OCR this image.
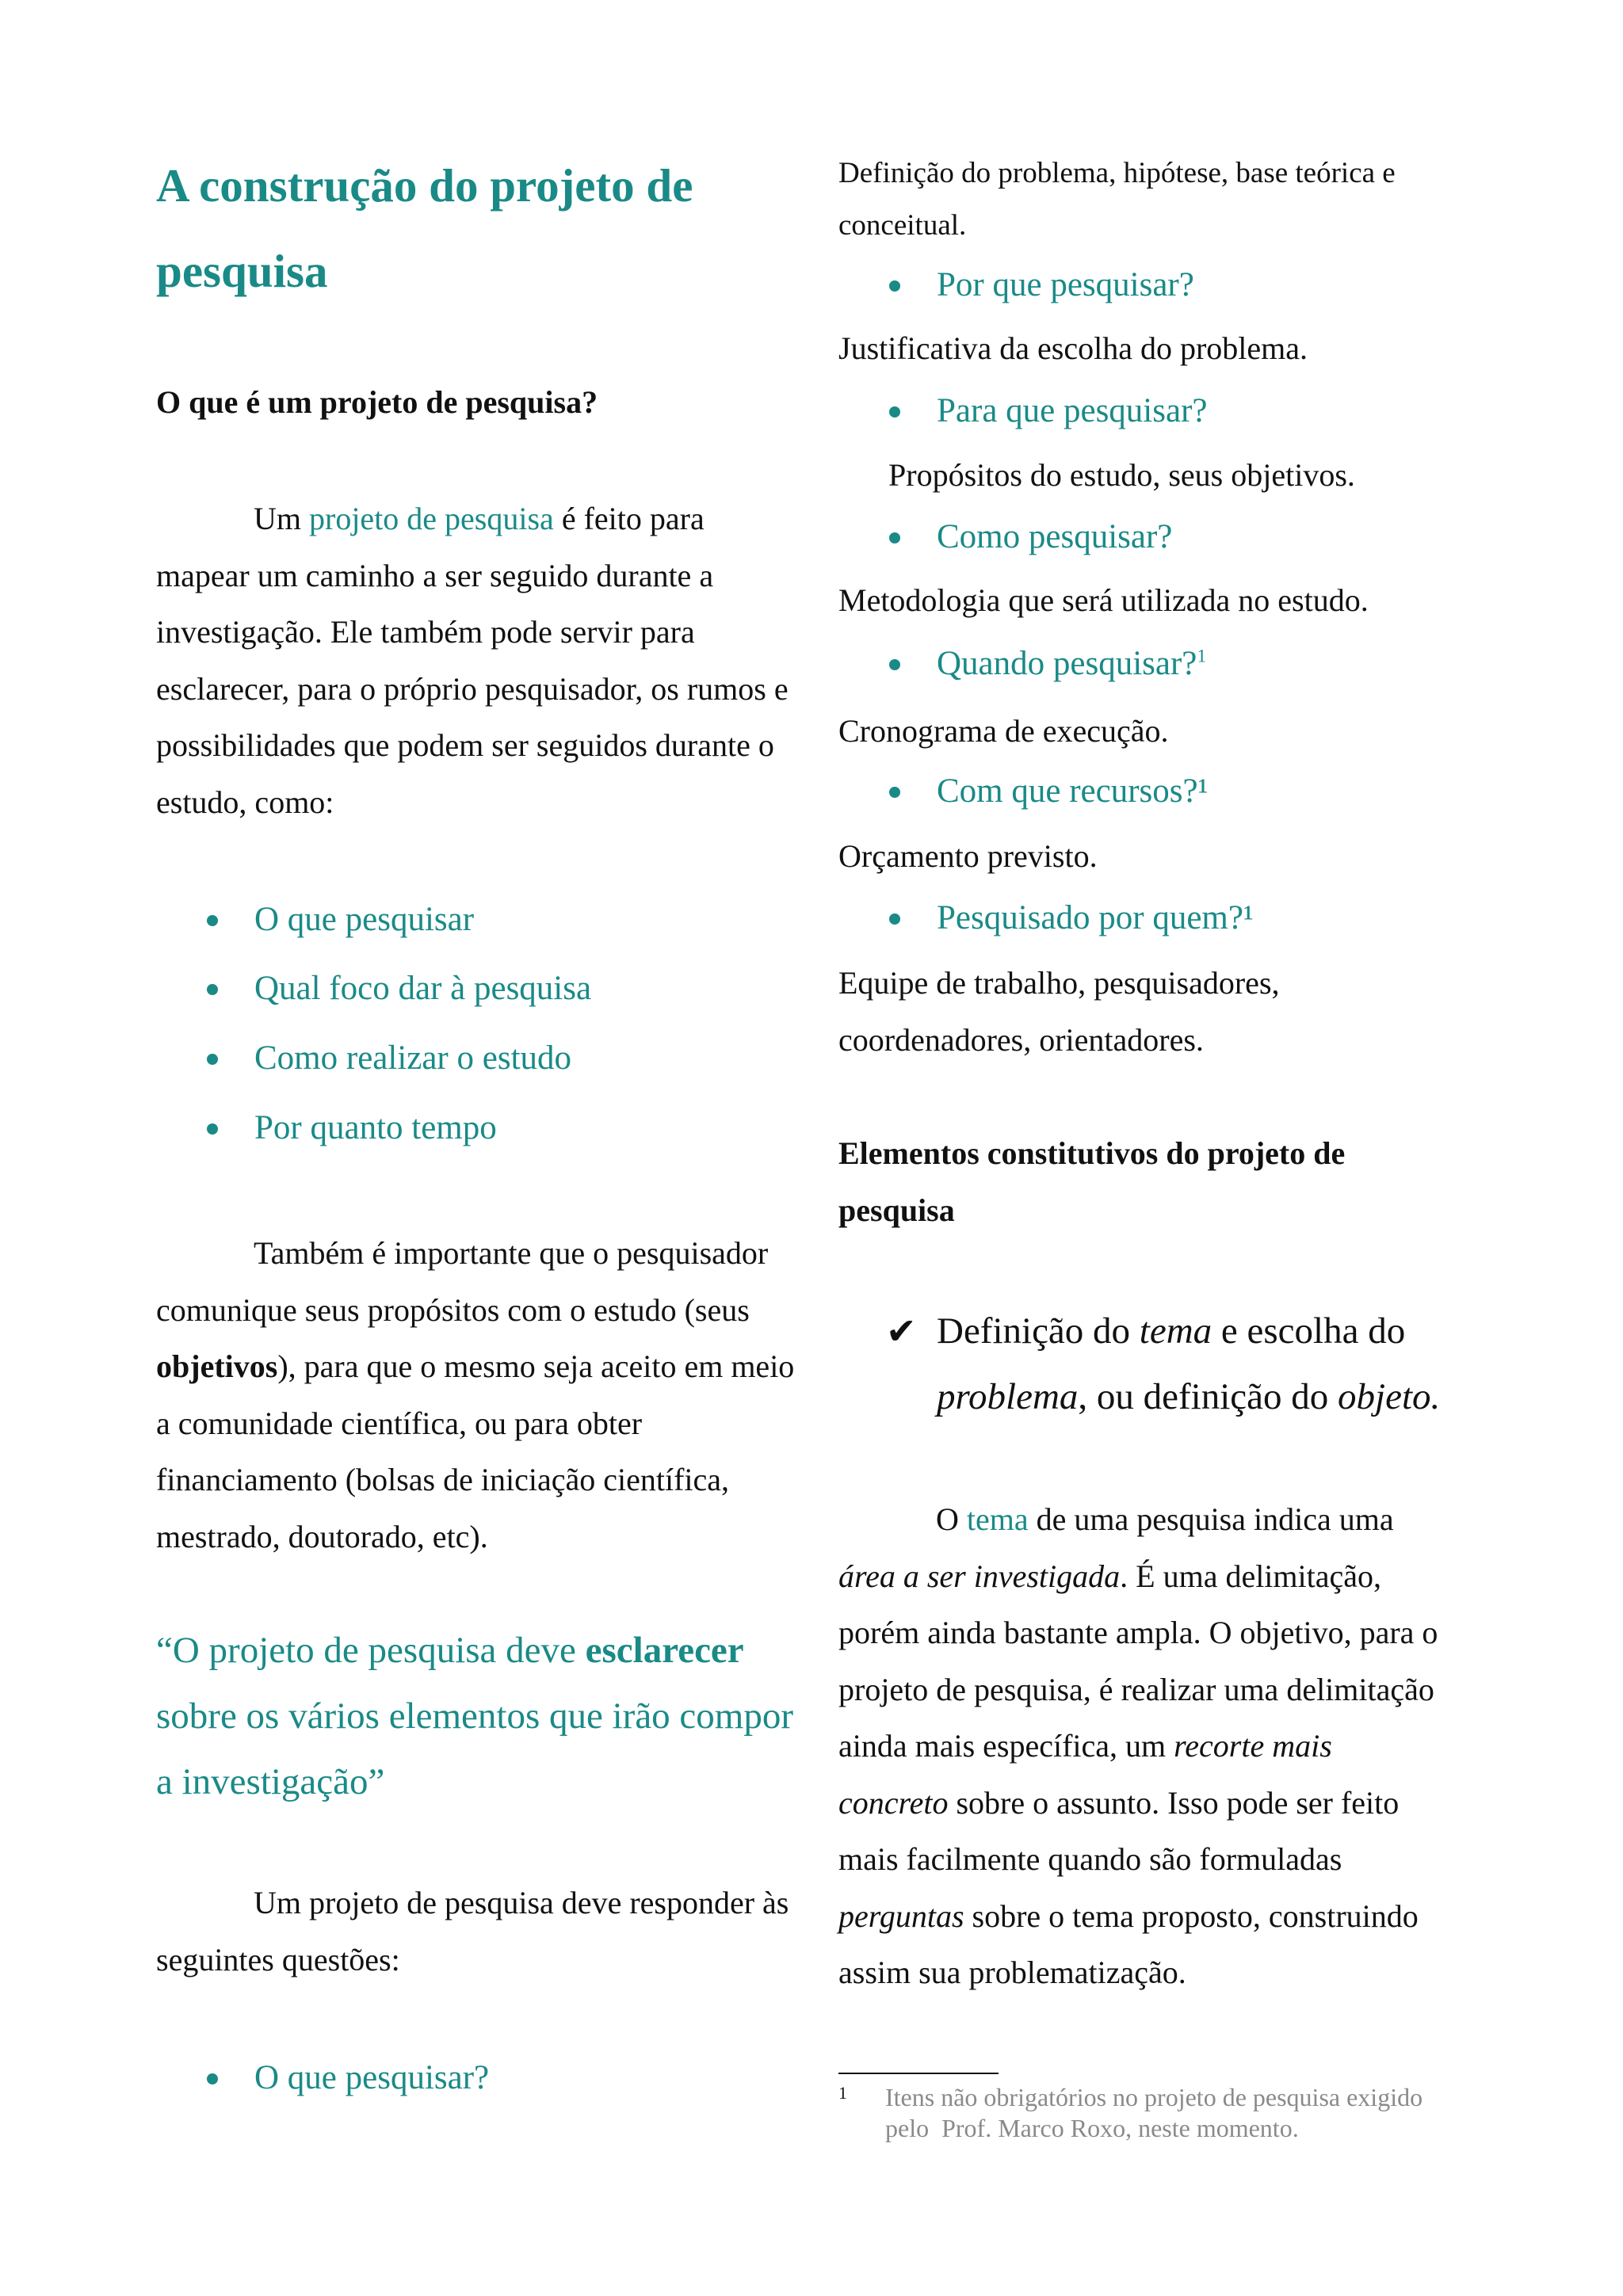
A construção do projeto de
pesquisa
O que é um projeto de pesquisa?
Um projeto de pesquisa é feito para
mapear um caminho a ser seguido durante a
investigação. Ele também pode servir para
esclarecer, para o próprio pesquisador, os rumos e
possibilidades que podem ser seguidos durante o
estudo, como:
O que pesquisar
Qual foco dar à pesquisa
Como realizar o estudo
Por quanto tempo
Também é importante que o pesquisador
comunique seus propósitos com o estudo (seus
objetivos), para que o mesmo seja aceito em meio
a comunidade científica, ou para obter
financiamento (bolsas de iniciação científica,
mestrado, doutorado, etc).
“O projeto de pesquisa deve esclarecer
sobre os vários elementos que irão compor
a investigação”
Um projeto de pesquisa deve responder às
seguintes questões:
O que pesquisar?
Definição do problema, hipótese, base teórica e
conceitual.
Por que pesquisar?
Justificativa da escolha do problema.
Para que pesquisar?
Propósitos do estudo, seus objetivos.
Como pesquisar?
Metodologia que será utilizada no estudo.
Quando pesquisar?$^1$
Cronograma de execução.
Com que recursos?¹
Orçamento previsto.
Pesquisado por quem?¹
Equipe de trabalho, pesquisadores,
coordenadores, orientadores.
Elementos constitutivos do projeto de
pesquisa
✔ Definição do tema e escolha do
problema, ou definição do objeto.
O tema de uma pesquisa indica uma
área a ser investigada. É uma delimitação,
porém ainda bastante ampla. O objetivo, para o
projeto de pesquisa, é realizar uma delimitação
ainda mais específica, um recorte mais
concreto sobre o assunto. Isso pode ser feito
mais facilmente quando são formuladas
perguntas sobre o tema proposto, construindo
assim sua problematização.
1 Itens não obrigatórios no projeto de pesquisa exigido
pelo  Prof. Marco Roxo, neste momento.
